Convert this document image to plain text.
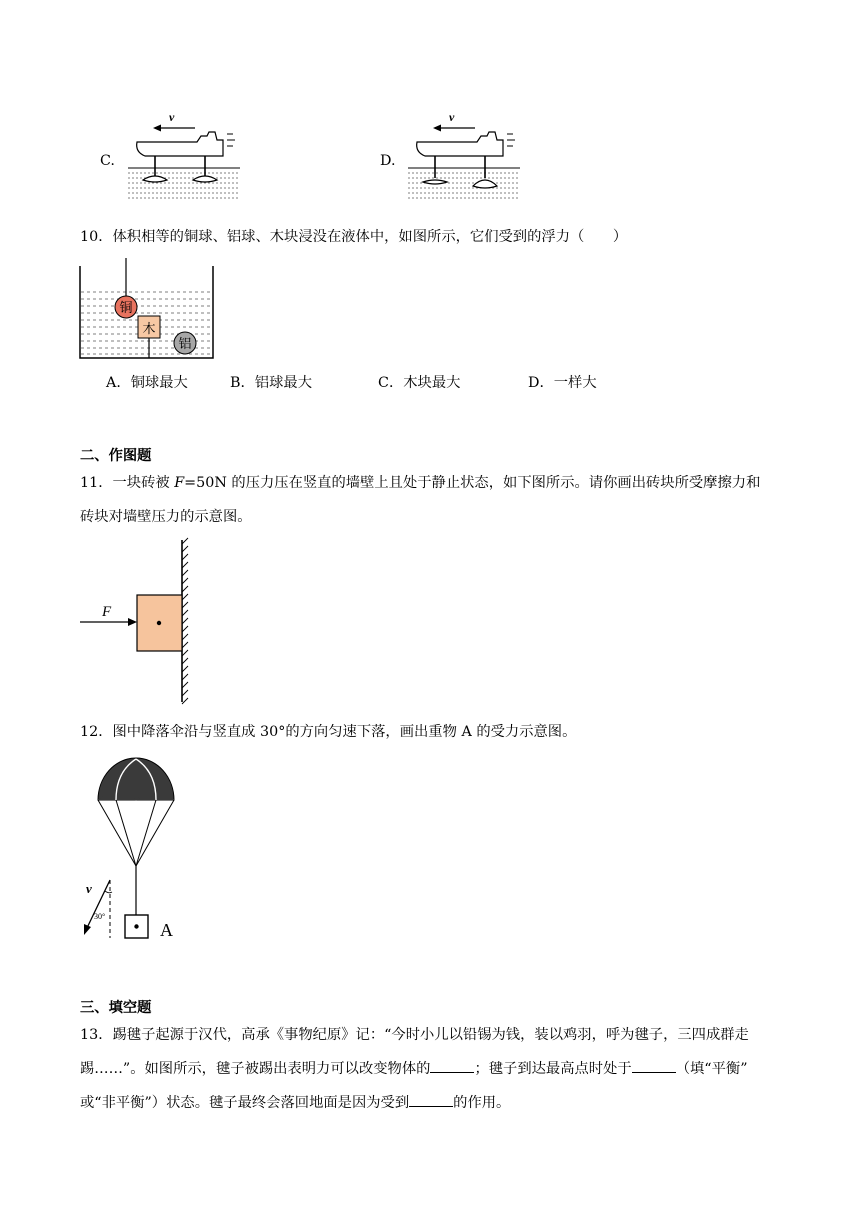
C.
v
D.
v
10．体积相等的铜球、铝球、木块浸没在液体中，如图所示，它们受到的浮力（　　）
铜
木
铝
A．铜球最大	B．铝球最大	C．木块最大	D．一样大
二、作图题
11．一块砖被 F=50N 的压力压在竖直的墙壁上且处于静止状态，如下图所示。请你画出砖块所受摩擦力和
砖块对墙壁压力的示意图。
F
12．图中降落伞沿与竖直成 30°的方向匀速下落，画出重物 A 的受力示意图。
A
v
30°
三、填空题
13．踢毽子起源于汉代，高承《事物纪原》记：“今时小儿以铅锡为钱，装以鸡羽，呼为毽子，三四成群走
踢……”。如图所示，毽子被踢出表明力可以改变物体的	；毽子到达最高点时处于	（填“平衡”
或“非平衡”）状态。毽子最终会落回地面是因为受到	的作用。
